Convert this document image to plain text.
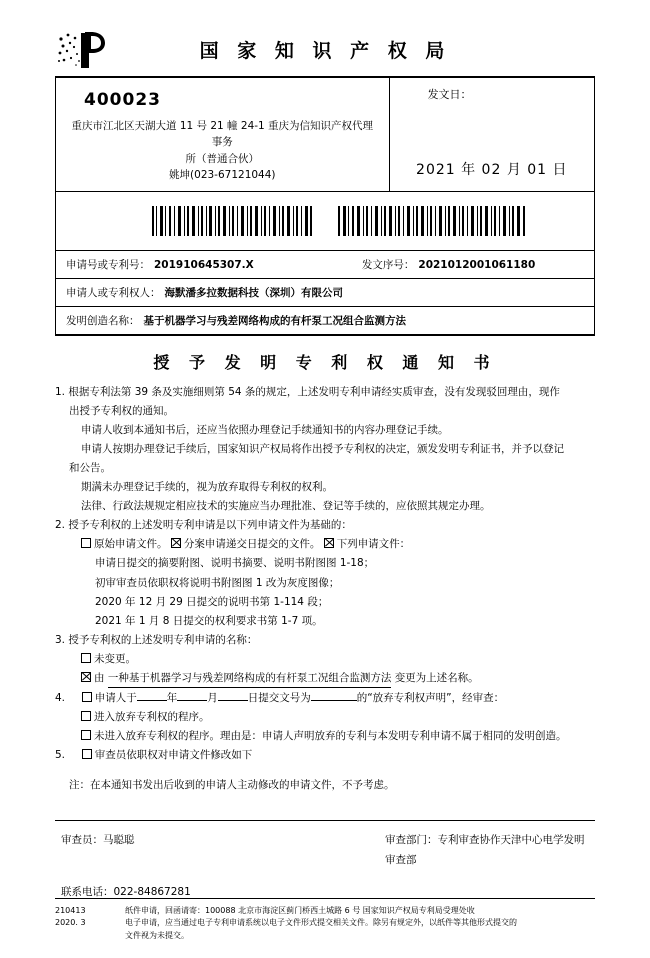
国 家 知 识 产 权 局
400023
重庆市江北区天湖大道 11 号 21 幢 24-1 重庆为信知识产权代理事务
所（普通合伙）
姚坤(023-67121044)
发文日：
2021 年 02 月 01 日
申请号或专利号： 201910645307.X	发文序号： 2021012001061180
申请人或专利权人： 海默潘多拉数据科技（深圳）有限公司
发明创造名称： 基于机器学习与残差网络构成的有杆泵工况组合监测方法
授 予 发 明 专 利 权 通 知 书
1. 根据专利法第 39 条及实施细则第 54 条的规定，上述发明专利申请经实质审查，没有发现驳回理由，现作
出授予专利权的通知。
申请人收到本通知书后，还应当依照办理登记手续通知书的内容办理登记手续。
申请人按期办理登记手续后，国家知识产权局将作出授予专利权的决定，颁发发明专利证书，并予以登记
和公告。
期满未办理登记手续的，视为放弃取得专利权的权利。
法律、行政法规规定相应技术的实施应当办理批准、登记等手续的，应依照其规定办理。
2. 授予专利权的上述发明专利申请是以下列申请文件为基础的：
原始申请文件。 分案申请递交日提交的文件。 下列申请文件：
申请日提交的摘要附图、说明书摘要、说明书附图图 1-18；
初审审查员依职权将说明书附图图 1 改为灰度图像；
2020 年 12 月 29 日提交的说明书第 1-114 段；
2021 年 1 月 8 日提交的权利要求书第 1-7 项。
3. 授予专利权的上述发明专利申请的名称：
未变更。
由 一种基于机器学习与残差网络构成的有杆泵工况组合监测方法 变更为上述名称。
4.	申请人于	年	月	日提交文号为	的“放弃专利权声明”，经审查：
进入放弃专利权的程序。
未进入放弃专利权的程序。理由是：申请人声明放弃的专利与本发明专利申请不属于相同的发明创造。
5.	审查员依职权对申请文件修改如下
注：在本通知书发出后收到的申请人主动修改的申请文件，不予考虑。
审查员：马聪聪	审查部门：专利审查协作天津中心电学发明
审查部
联系电话：022-84867281
210413
2020. 3
纸件申请，回函请寄：100088 北京市海淀区蓟门桥西土城路 6 号 国家知识产权局专利局受理处收
电子申请，应当通过电子专利申请系统以电子文件形式提交相关文件。除另有规定外，以纸件等其他形式提交的
文件视为未提交。
